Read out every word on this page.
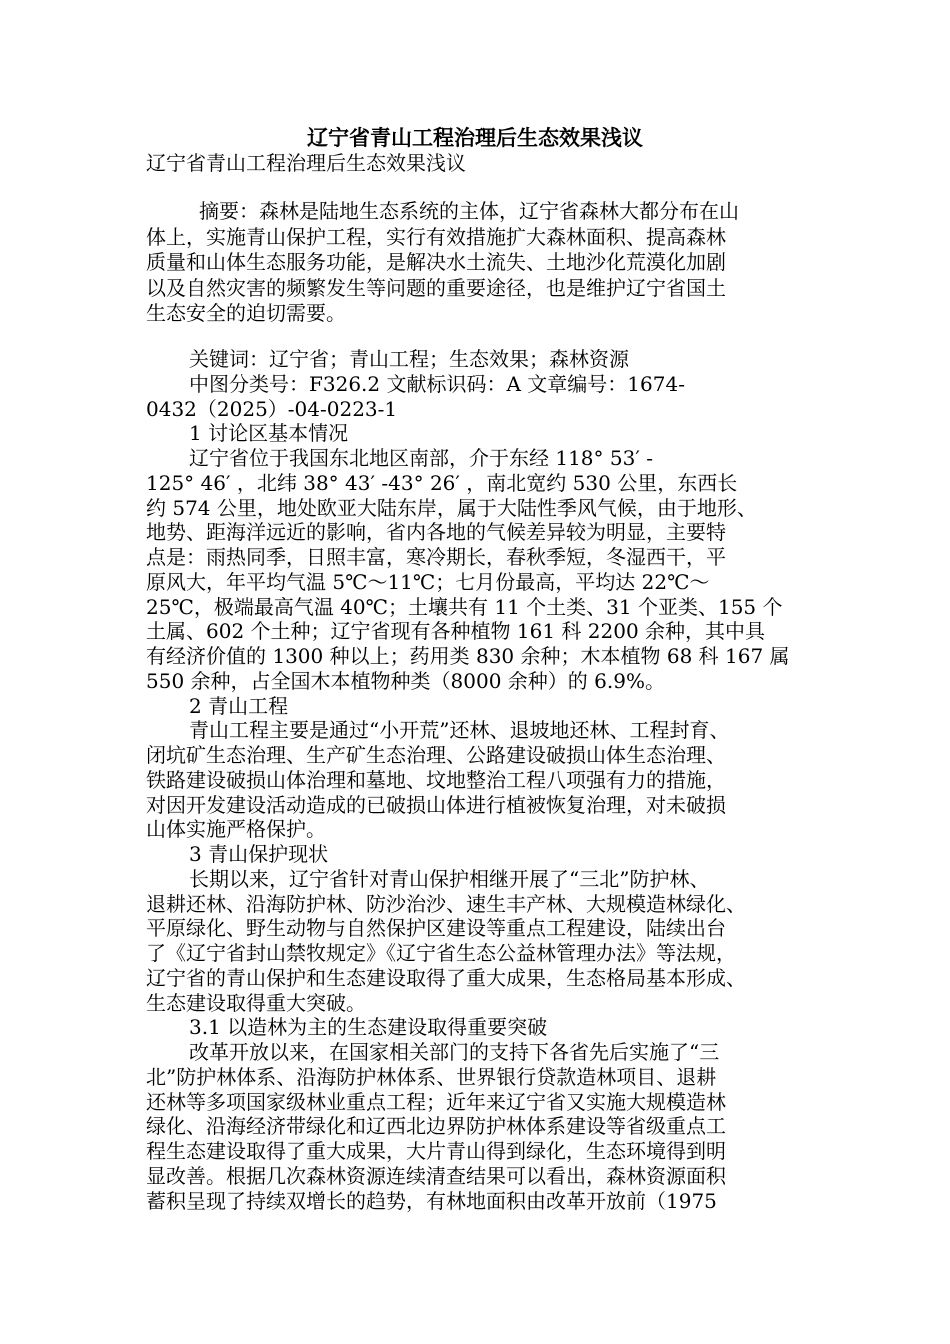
辽宁省青山工程治理后生态效果浅议
辽宁省青山工程治理后生态效果浅议
摘要：森林是陆地生态系统的主体，辽宁省森林大都分布在山
体上，实施青山保护工程，实行有效措施扩大森林面积、提高森林
质量和山体生态服务功能，是解决水土流失、土地沙化荒漠化加剧
以及自然灾害的频繁发生等问题的重要途径，也是维护辽宁省国土
生态安全的迫切需要。
关键词：辽宁省；青山工程；生态效果；森林资源
中图分类号：F326.2 文献标识码：A 文章编号：1674-
0432（2025）-04-0223-1
1 讨论区基本情况
辽宁省位于我国东北地区南部，介于东经 118° 53′ -
125° 46′ ，北纬 38° 43′ -43° 26′ ，南北宽约 530 公里，东西长
约 574 公里，地处欧亚大陆东岸，属于大陆性季风气候，由于地形、
地势、距海洋远近的影响，省内各地的气候差异较为明显，主要特
点是：雨热同季，日照丰富，寒冷期长，春秋季短，冬湿西干，平
原风大，年平均气温 5℃～11℃；七月份最高，平均达 22℃～
25℃，极端最高气温 40℃；土壤共有 11 个土类、31 个亚类、155 个
土属、602 个土种；辽宁省现有各种植物 161 科 2200 余种，其中具
有经济价值的 1300 种以上；药用类 830 余种；木本植物 68 科 167 属
550 余种，占全国木本植物种类（8000 余种）的 6.9%。
2 青山工程
青山工程主要是通过“小开荒”还林、退坡地还林、工程封育、
闭坑矿生态治理、生产矿生态治理、公路建设破损山体生态治理、
铁路建设破损山体治理和墓地、坟地整治工程八项强有力的措施，
对因开发建设活动造成的已破损山体进行植被恢复治理，对未破损
山体实施严格保护。
3 青山保护现状
长期以来，辽宁省针对青山保护相继开展了“三北”防护林、
退耕还林、沿海防护林、防沙治沙、速生丰产林、大规模造林绿化、
平原绿化、野生动物与自然保护区建设等重点工程建设，陆续出台
了《辽宁省封山禁牧规定》《辽宁省生态公益林管理办法》等法规，
辽宁省的青山保护和生态建设取得了重大成果，生态格局基本形成、
生态建设取得重大突破。
3.1 以造林为主的生态建设取得重要突破
改革开放以来，在国家相关部门的支持下各省先后实施了“三
北”防护林体系、沿海防护林体系、世界银行贷款造林项目、退耕
还林等多项国家级林业重点工程；近年来辽宁省又实施大规模造林
绿化、沿海经济带绿化和辽西北边界防护林体系建设等省级重点工
程生态建设取得了重大成果，大片青山得到绿化，生态环境得到明
显改善。根据几次森林资源连续清查结果可以看出，森林资源面积
蓄积呈现了持续双增长的趋势，有林地面积由改革开放前（1975
